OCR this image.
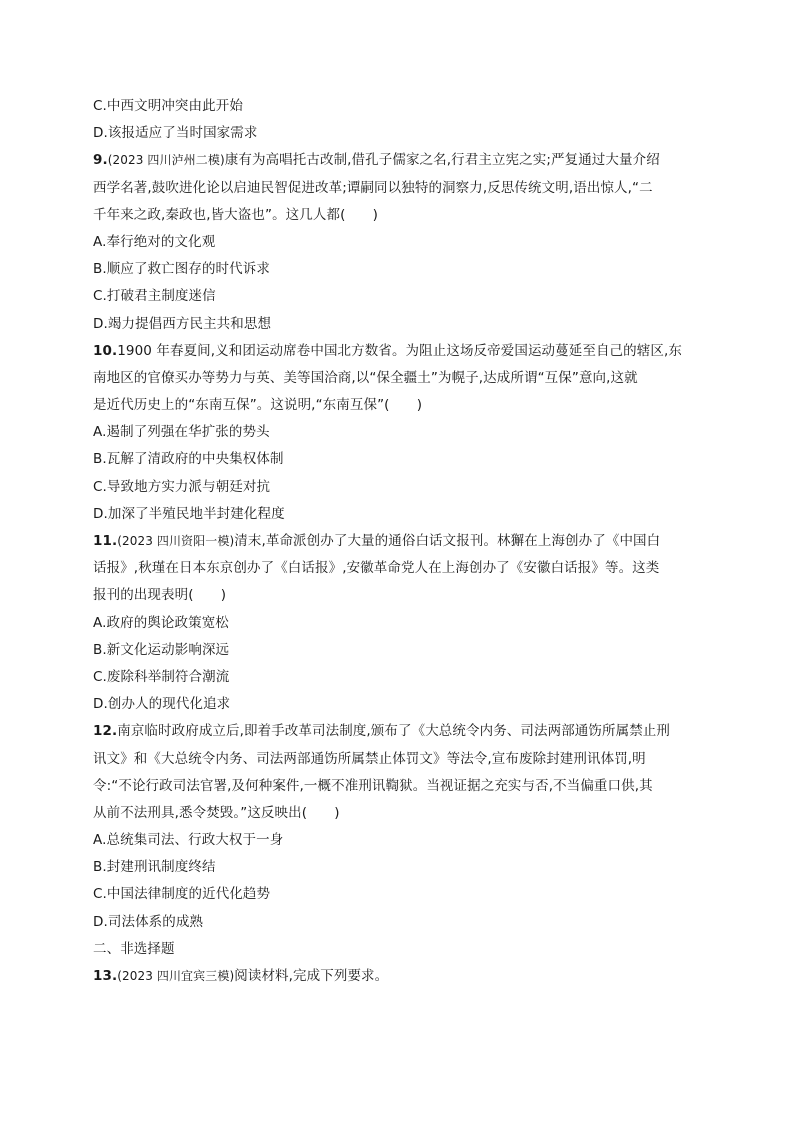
C.中西文明冲突由此开始
D.该报适应了当时国家需求
9.(2023 四川泸州二模)康有为高唱托古改制,借孔子儒家之名,行君主立宪之实;严复通过大量介绍
西学名著,鼓吹进化论以启迪民智促进改革;谭嗣同以独特的洞察力,反思传统文明,语出惊人,“二
千年来之政,秦政也,皆大盗也”。这几人都(　　)
A.奉行绝对的文化观
B.顺应了救亡图存的时代诉求
C.打破君主制度迷信
D.竭力提倡西方民主共和思想
10.1900 年春夏间,义和团运动席卷中国北方数省。为阻止这场反帝爱国运动蔓延至自己的辖区,东
南地区的官僚买办等势力与英、美等国洽商,以“保全疆土”为幌子,达成所谓“互保”意向,这就
是近代历史上的“东南互保”。这说明,“东南互保”(　　)
A.遏制了列强在华扩张的势头
B.瓦解了清政府的中央集权体制
C.导致地方实力派与朝廷对抗
D.加深了半殖民地半封建化程度
11.(2023 四川资阳一模)清末,革命派创办了大量的通俗白话文报刊。林獬在上海创办了《中国白
话报》,秋瑾在日本东京创办了《白话报》,安徽革命党人在上海创办了《安徽白话报》等。这类
报刊的出现表明(　　)
A.政府的舆论政策宽松
B.新文化运动影响深远
C.废除科举制符合潮流
D.创办人的现代化追求
12.南京临时政府成立后,即着手改革司法制度,颁布了《大总统令内务、司法两部通饬所属禁止刑
讯文》和《大总统令内务、司法两部通饬所属禁止体罚文》等法令,宣布废除封建刑讯体罚,明
令:“不论行政司法官署,及何种案件,一概不准刑讯鞫狱。当视证据之充实与否,不当偏重口供,其
从前不法刑具,悉令焚毁。”这反映出(　　)
A.总统集司法、行政大权于一身
B.封建刑讯制度终结
C.中国法律制度的近代化趋势
D.司法体系的成熟
二、非选择题
13.(2023 四川宜宾三模)阅读材料,完成下列要求。
